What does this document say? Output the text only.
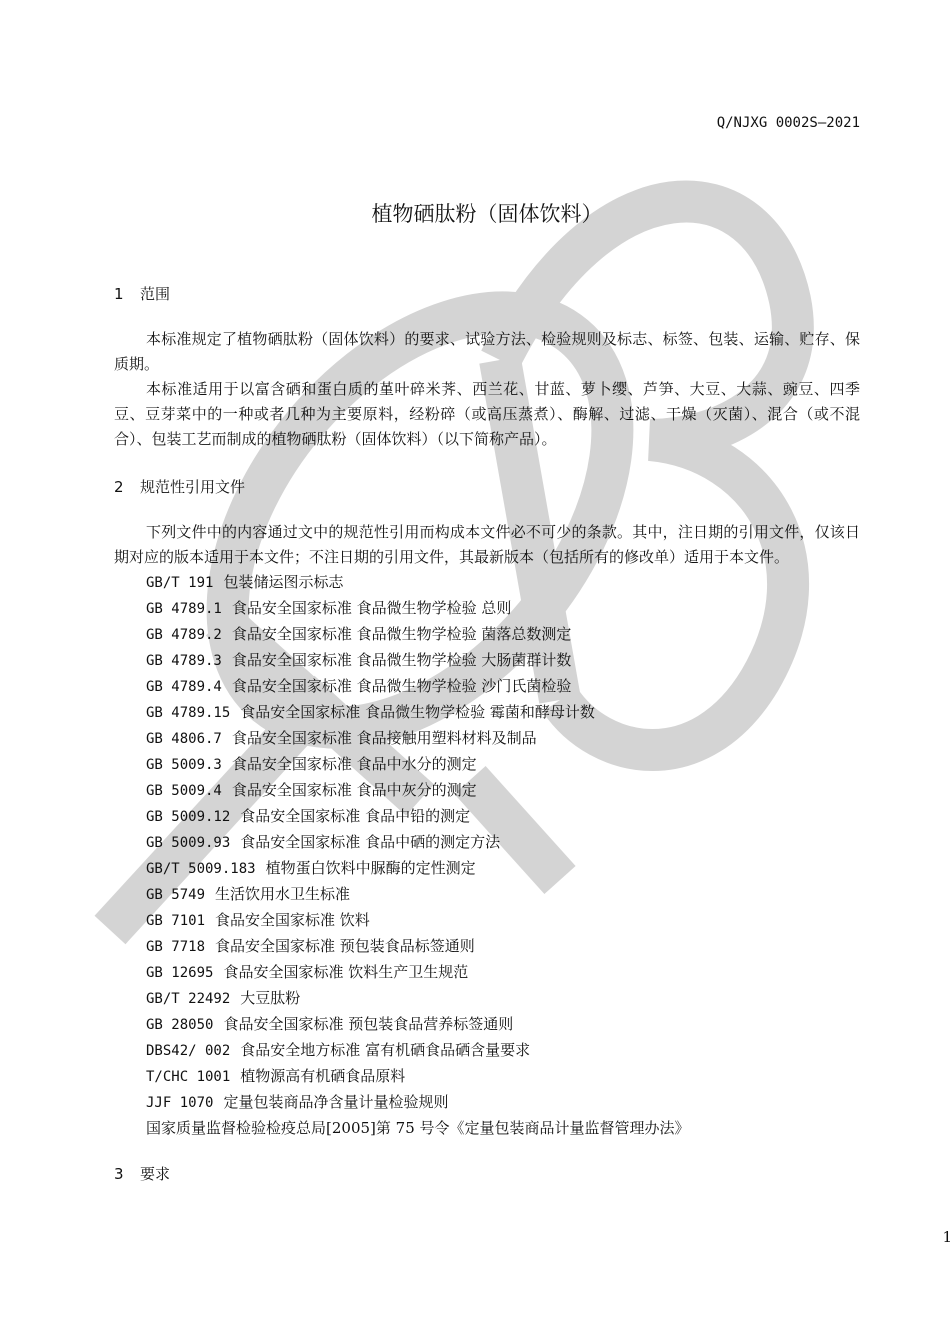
Q/NJXG 0002S—2021
植物硒肽粉（固体饮料）
1 范围
本标准规定了植物硒肽粉（固体饮料）的要求、试验方法、检验规则及标志、标签、包装、运输、贮存、保质期。
本标准适用于以富含硒和蛋白质的堇叶碎米荠、西兰花、甘蓝、萝卜缨、芦笋、大豆、大蒜、豌豆、四季豆、豆芽菜中的一种或者几种为主要原料，经粉碎（或高压蒸煮）、酶解、过滤、干燥（灭菌）、混合（或不混合）、包装工艺而制成的植物硒肽粉（固体饮料）（以下简称产品）。
2 规范性引用文件
下列文件中的内容通过文中的规范性引用而构成本文件必不可少的条款。其中，注日期的引用文件，仅该日期对应的版本适用于本文件；不注日期的引用文件，其最新版本（包括所有的修改单）适用于本文件。
GB/T 191 包装储运图示标志
GB 4789.1 食品安全国家标准 食品微生物学检验 总则
GB 4789.2 食品安全国家标准 食品微生物学检验 菌落总数测定
GB 4789.3 食品安全国家标准 食品微生物学检验 大肠菌群计数
GB 4789.4 食品安全国家标准 食品微生物学检验 沙门氏菌检验
GB 4789.15 食品安全国家标准 食品微生物学检验 霉菌和酵母计数
GB 4806.7 食品安全国家标准 食品接触用塑料材料及制品
GB 5009.3 食品安全国家标准 食品中水分的测定
GB 5009.4 食品安全国家标准 食品中灰分的测定
GB 5009.12 食品安全国家标准 食品中铅的测定
GB 5009.93 食品安全国家标准 食品中硒的测定方法
GB/T 5009.183 植物蛋白饮料中脲酶的定性测定
GB 5749 生活饮用水卫生标准
GB 7101 食品安全国家标准 饮料
GB 7718 食品安全国家标准 预包装食品标签通则
GB 12695 食品安全国家标准 饮料生产卫生规范
GB/T 22492 大豆肽粉
GB 28050 食品安全国家标准 预包装食品营养标签通则
DBS42/ 002 食品安全地方标准 富有机硒食品硒含量要求
T/CHC 1001 植物源高有机硒食品原料
JJF 1070 定量包装商品净含量计量检验规则
国家质量监督检验检疫总局[2005]第 75 号令《定量包装商品计量监督管理办法》
3 要求
1
